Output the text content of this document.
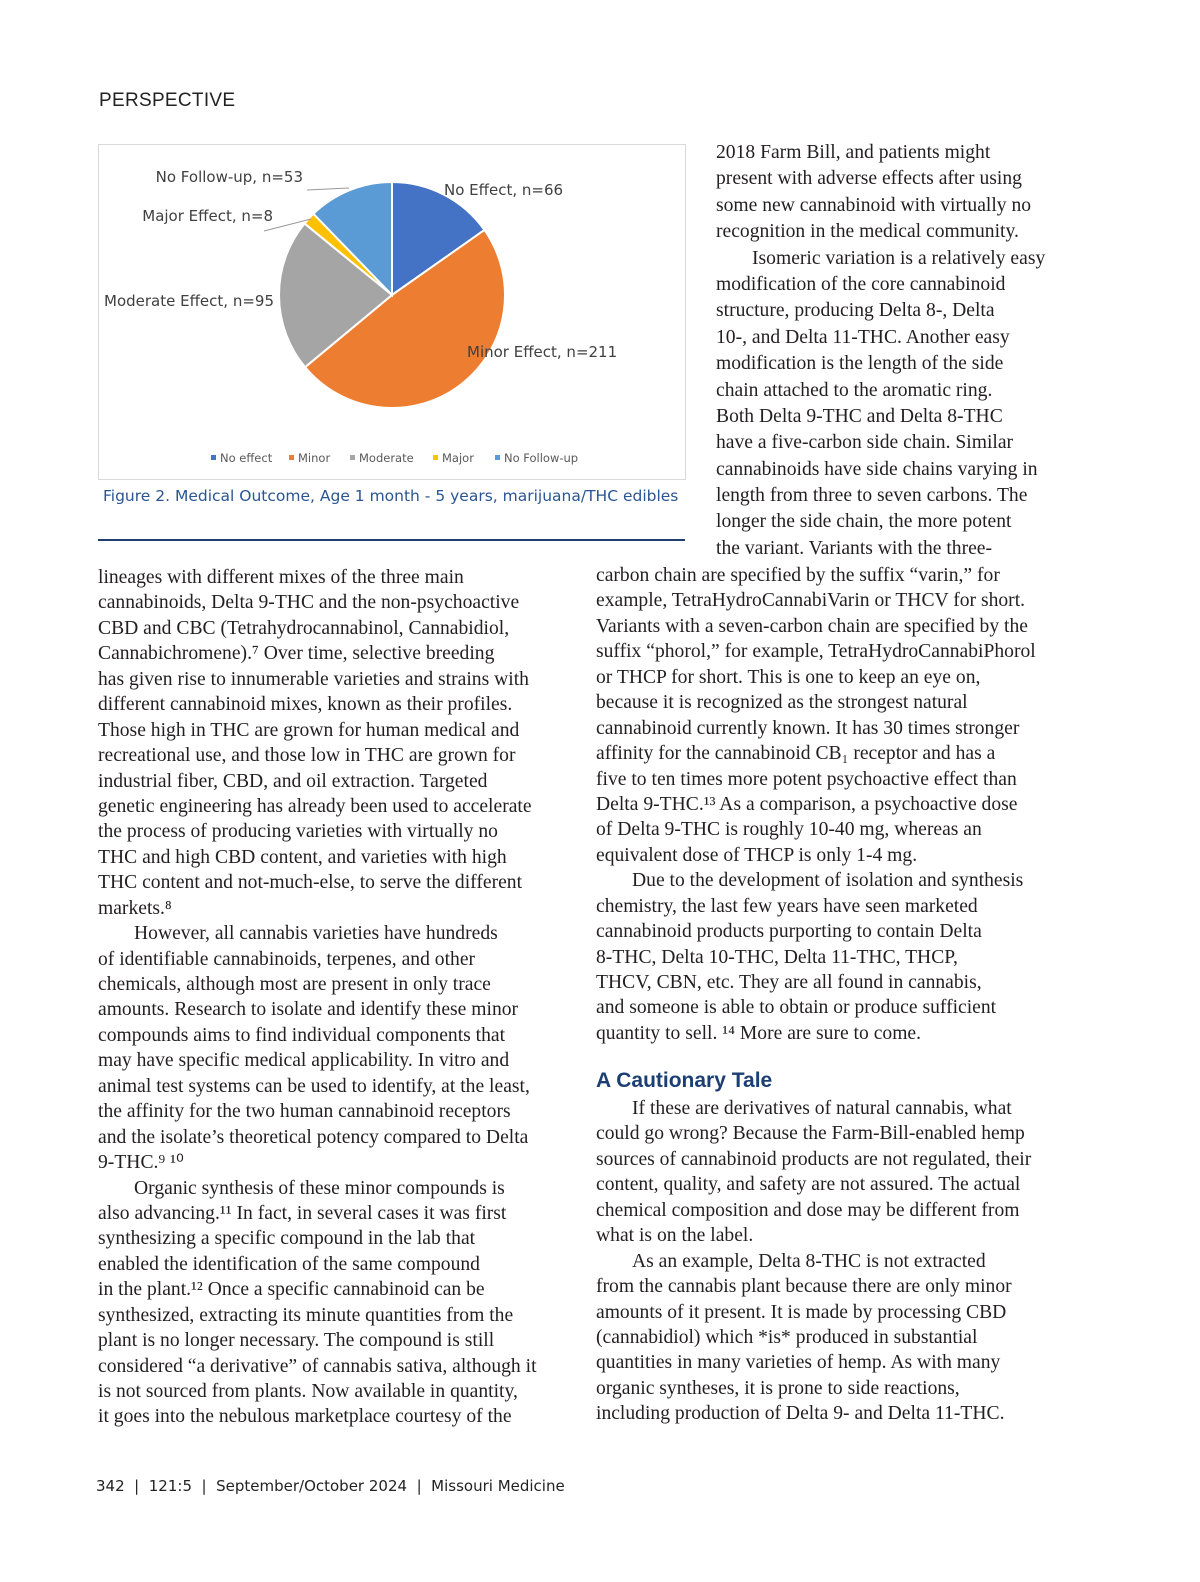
PERSPECTIVE
No Effect, n=66
Minor Effect, n=211
Moderate Effect, n=95
Major Effect, n=8
No Follow-up, n=53
No effect Minor	Moderate Major	No Follow-up
Figure 2. Medical Outcome, Age 1 month - 5 years, marijuana/THC edibles
2018 Farm Bill, and patients might
present with adverse effects after using
some new cannabinoid with virtually no
recognition in the medical community.
Isomeric variation is a relatively easy
modification of the core cannabinoid
structure, producing Delta 8-, Delta
10-, and Delta 11-THC. Another easy
modification is the length of the side
chain attached to the aromatic ring.
Both Delta 9-THC and Delta 8-THC
have a five-carbon side chain. Similar
cannabinoids have side chains varying in
length from three to seven carbons. The
longer the side chain, the more potent
the variant. Variants with the three-
lineages with different mixes of the three main
cannabinoids, Delta 9-THC and the non-psychoactive
CBD and CBC (Tetrahydrocannabinol, Cannabidiol,
Cannabichromene).⁷ Over time, selective breeding
has given rise to innumerable varieties and strains with
different cannabinoid mixes, known as their profiles.
Those high in THC are grown for human medical and
recreational use, and those low in THC are grown for
industrial fiber, CBD, and oil extraction. Targeted
genetic engineering has already been used to accelerate
the process of producing varieties with virtually no
THC and high CBD content, and varieties with high
THC content and not-much-else, to serve the different
markets.⁸
However, all cannabis varieties have hundreds
of identifiable cannabinoids, terpenes, and other
chemicals, although most are present in only trace
amounts. Research to isolate and identify these minor
compounds aims to find individual components that
may have specific medical applicability. In vitro and
animal test systems can be used to identify, at the least,
the affinity for the two human cannabinoid receptors
and the isolate’s theoretical potency compared to Delta
9-THC.⁹ ¹⁰
Organic synthesis of these minor compounds is
also advancing.¹¹ In fact, in several cases it was first
synthesizing a specific compound in the lab that
enabled the identification of the same compound
in the plant.¹² Once a specific cannabinoid can be
synthesized, extracting its minute quantities from the
plant is no longer necessary. The compound is still
considered “a derivative” of cannabis sativa, although it
is not sourced from plants. Now available in quantity,
it goes into the nebulous marketplace courtesy of the
carbon chain are specified by the suffix “varin,” for
example, TetraHydroCannabiVarin or THCV for short.
Variants with a seven-carbon chain are specified by the
suffix “phorol,” for example, TetraHydroCannabiPhorol
or THCP for short. This is one to keep an eye on,
because it is recognized as the strongest natural
cannabinoid currently known. It has 30 times stronger
affinity for the cannabinoid CB₁ receptor and has a
five to ten times more potent psychoactive effect than
Delta 9-THC.¹³ As a comparison, a psychoactive dose
of Delta 9-THC is roughly 10-40 mg, whereas an
equivalent dose of THCP is only 1-4 mg.
Due to the development of isolation and synthesis
chemistry, the last few years have seen marketed
cannabinoid products purporting to contain Delta
8-THC, Delta 10-THC, Delta 11-THC, THCP,
THCV, CBN, etc. They are all found in cannabis,
and someone is able to obtain or produce sufficient
quantity to sell. ¹⁴ More are sure to come.
A Cautionary Tale
If these are derivatives of natural cannabis, what
could go wrong? Because the Farm-Bill-enabled hemp
sources of cannabinoid products are not regulated, their
content, quality, and safety are not assured. The actual
chemical composition and dose may be different from
what is on the label.
As an example, Delta 8-THC is not extracted
from the cannabis plant because there are only minor
amounts of it present. It is made by processing CBD
(cannabidiol) which *is* produced in substantial
quantities in many varieties of hemp. As with many
organic syntheses, it is prone to side reactions,
including production of Delta 9- and Delta 11-THC.
342  |  121:5  |  September/October 2024  |  Missouri Medicine
